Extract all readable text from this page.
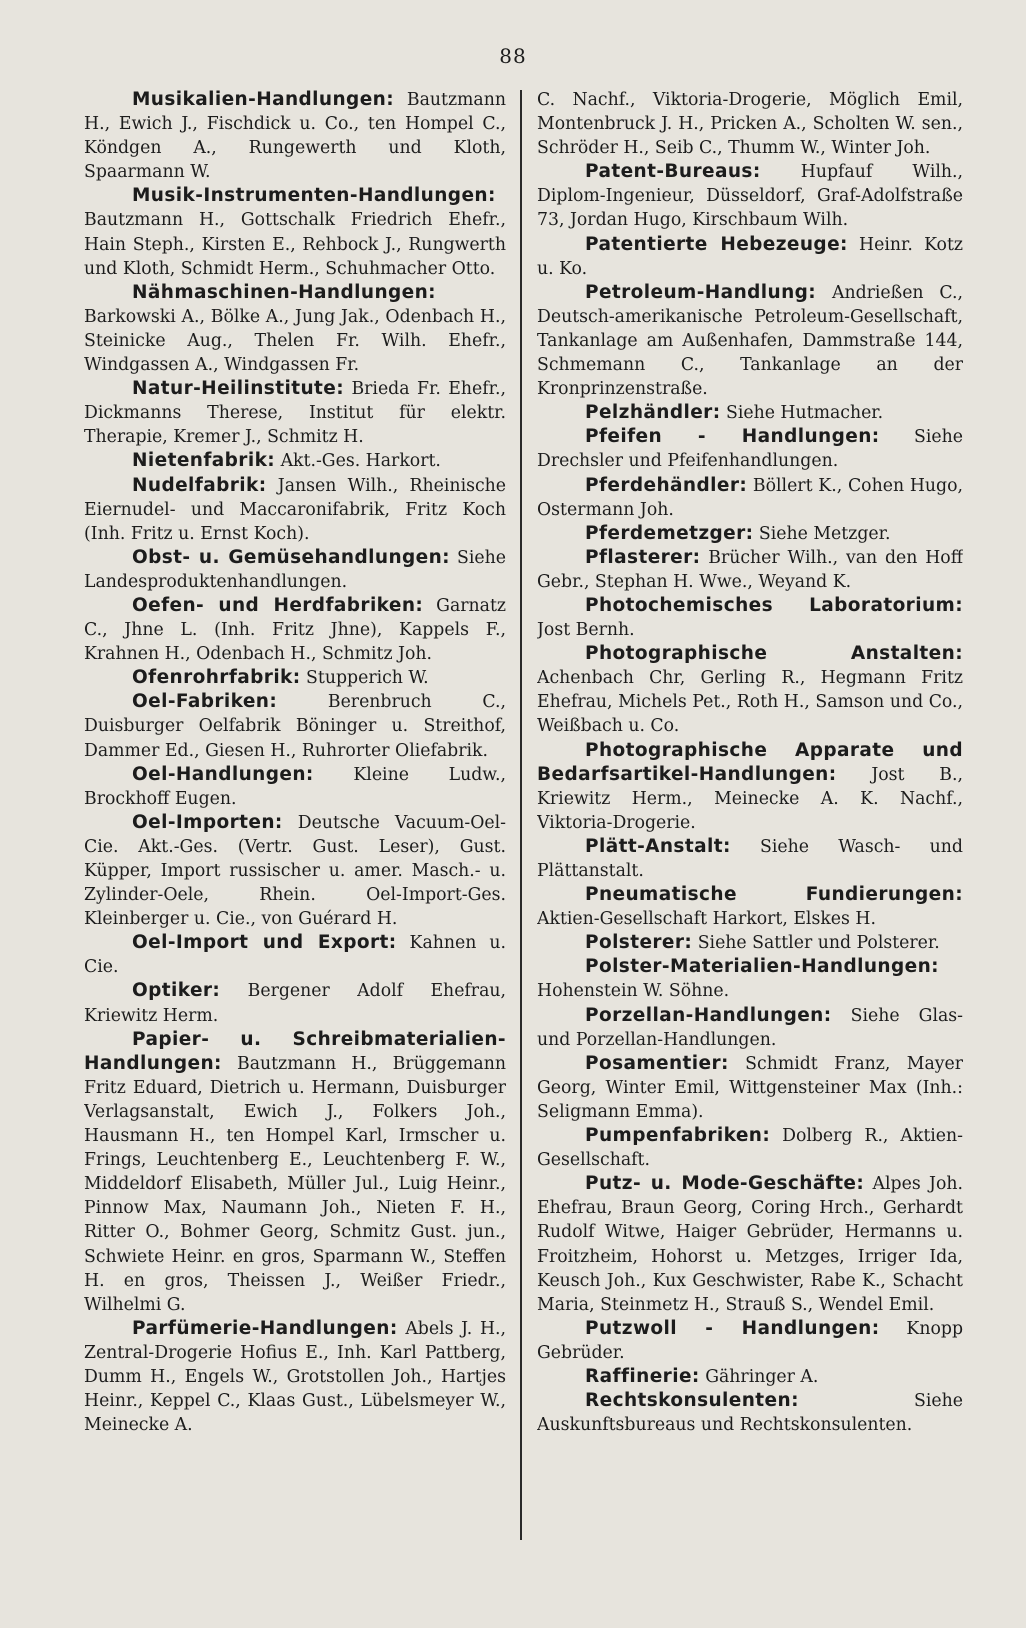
88

Musikalien-Handlungen: Bautzmann H., Ewich J., Fischdick u. Co., ten Hompel C., Köndgen A., Rungewerth und Kloth, Spaarmann W.

Musik-Instrumenten-Handlungen: Bautzmann H., Gottschalk Friedrich Ehefr., Hain Steph., Kirsten E., Rehbock J., Rungwerth und Kloth, Schmidt Herm., Schuhmacher Otto.

Nähmaschinen-Handlungen: Barkowski A., Bölke A., Jung Jak., Odenbach H., Steinicke Aug., Thelen Fr. Wilh. Ehefr., Windgassen A., Windgassen Fr.

Natur-Heilinstitute: Brieda Fr. Ehefr., Dickmanns Therese, Institut für elektr. Therapie, Kremer J., Schmitz H.

Nietenfabrik: Akt.-Ges. Harkort.

Nudelfabrik: Jansen Wilh., Rheinische Eiernudel- und Maccaronifabrik, Fritz Koch (Inh. Fritz u. Ernst Koch).

Obst- u. Gemüsehandlungen: Siehe Landesproduktenhandlungen.

Oefen- und Herdfabriken: Garnatz C., Jhne L. (Inh. Fritz Jhne), Kappels F., Krahnen H., Odenbach H., Schmitz Joh.

Ofenrohrfabrik: Stupperich W.

Oel-Fabriken: Berenbruch C., Duisburger Oelfabrik Böninger u. Streithof, Dammer Ed., Giesen H., Ruhrorter Oliefabrik.

Oel-Handlungen: Kleine Ludw., Brockhoff Eugen.

Oel-Importen: Deutsche Vacuum-Oel-Cie. Akt.-Ges. (Vertr. Gust. Leser), Gust. Küpper, Import russischer u. amer. Masch.- u. Zylinder-Oele, Rhein. Oel-Import-Ges. Kleinberger u. Cie., von Guérard H.

Oel-Import und Export: Kahnen u. Cie.

Optiker: Bergener Adolf Ehefrau, Kriewitz Herm.

Papier- u. Schreibmaterialien-Handlungen: Bautzmann H., Brüggemann Fritz Eduard, Dietrich u. Hermann, Duisburger Verlagsanstalt, Ewich J., Folkers Joh., Hausmann H., ten Hompel Karl, Irmscher u. Frings, Leuchtenberg E., Leuchtenberg F. W., Middeldorf Elisabeth, Müller Jul., Luig Heinr., Pinnow Max, Naumann Joh., Nieten F. H., Ritter O., Bohmer Georg, Schmitz Gust. jun., Schwiete Heinr. en gros, Sparmann W., Steffen H. en gros, Theissen J., Weißer Friedr., Wilhelmi G.

Parfümerie-Handlungen: Abels J. H., Zentral-Drogerie Hofius E., Inh. Karl Pattberg, Dumm H., Engels W., Grotstollen Joh., Hartjes Heinr., Keppel C., Klaas Gust., Lübelsmeyer W., Meinecke A.

C. Nachf., Viktoria-Drogerie, Möglich Emil, Montenbruck J. H., Pricken A., Scholten W. sen., Schröder H., Seib C., Thumm W., Winter Joh.

Patent-Bureaus: Hupfauf Wilh., Diplom-Ingenieur, Düsseldorf, Graf-Adolfstraße 73, Jordan Hugo, Kirschbaum Wilh.

Patentierte Hebezeuge: Heinr. Kotz u. Ko.

Petroleum-Handlung: Andrießen C., Deutsch-amerikanische Petroleum-Gesellschaft, Tankanlage am Außenhafen, Dammstraße 144, Schmemann C., Tankanlage an der Kronprinzenstraße.

Pelzhändler: Siehe Hutmacher.

Pfeifen - Handlungen: Siehe Drechsler und Pfeifenhandlungen.

Pferdehändler: Böllert K., Cohen Hugo, Ostermann Joh.

Pferdemetzger: Siehe Metzger.

Pflasterer: Brücher Wilh., van den Hoff Gebr., Stephan H. Wwe., Weyand K.

Photochemisches Laboratorium: Jost Bernh.

Photographische Anstalten: Achenbach Chr, Gerling R., Hegmann Fritz Ehefrau, Michels Pet., Roth H., Samson und Co., Weißbach u. Co.

Photographische Apparate und Bedarfsartikel-Handlungen: Jost B., Kriewitz Herm., Meinecke A. K. Nachf., Viktoria-Drogerie.

Plätt-Anstalt: Siehe Wasch- und Plättanstalt.

Pneumatische Fundierungen: Aktien-Gesellschaft Harkort, Elskes H.

Polsterer: Siehe Sattler und Polsterer.

Polster-Materialien-Handlungen: Hohenstein W. Söhne.

Porzellan-Handlungen: Siehe Glas- und Porzellan-Handlungen.

Posamentier: Schmidt Franz, Mayer Georg, Winter Emil, Wittgensteiner Max (Inh.: Seligmann Emma).

Pumpenfabriken: Dolberg R., Aktien-Gesellschaft.

Putz- u. Mode-Geschäfte: Alpes Joh. Ehefrau, Braun Georg, Coring Hrch., Gerhardt Rudolf Witwe, Haiger Gebrüder, Hermanns u. Froitzheim, Hohorst u. Metzges, Irriger Ida, Keusch Joh., Kux Geschwister, Rabe K., Schacht Maria, Steinmetz H., Strauß S., Wendel Emil.

Putzwoll - Handlungen: Knopp Gebrüder.

Raffinerie: Gähringer A.

Rechtskonsulenten: Siehe Auskunftsbureaus und Rechtskonsulenten.
